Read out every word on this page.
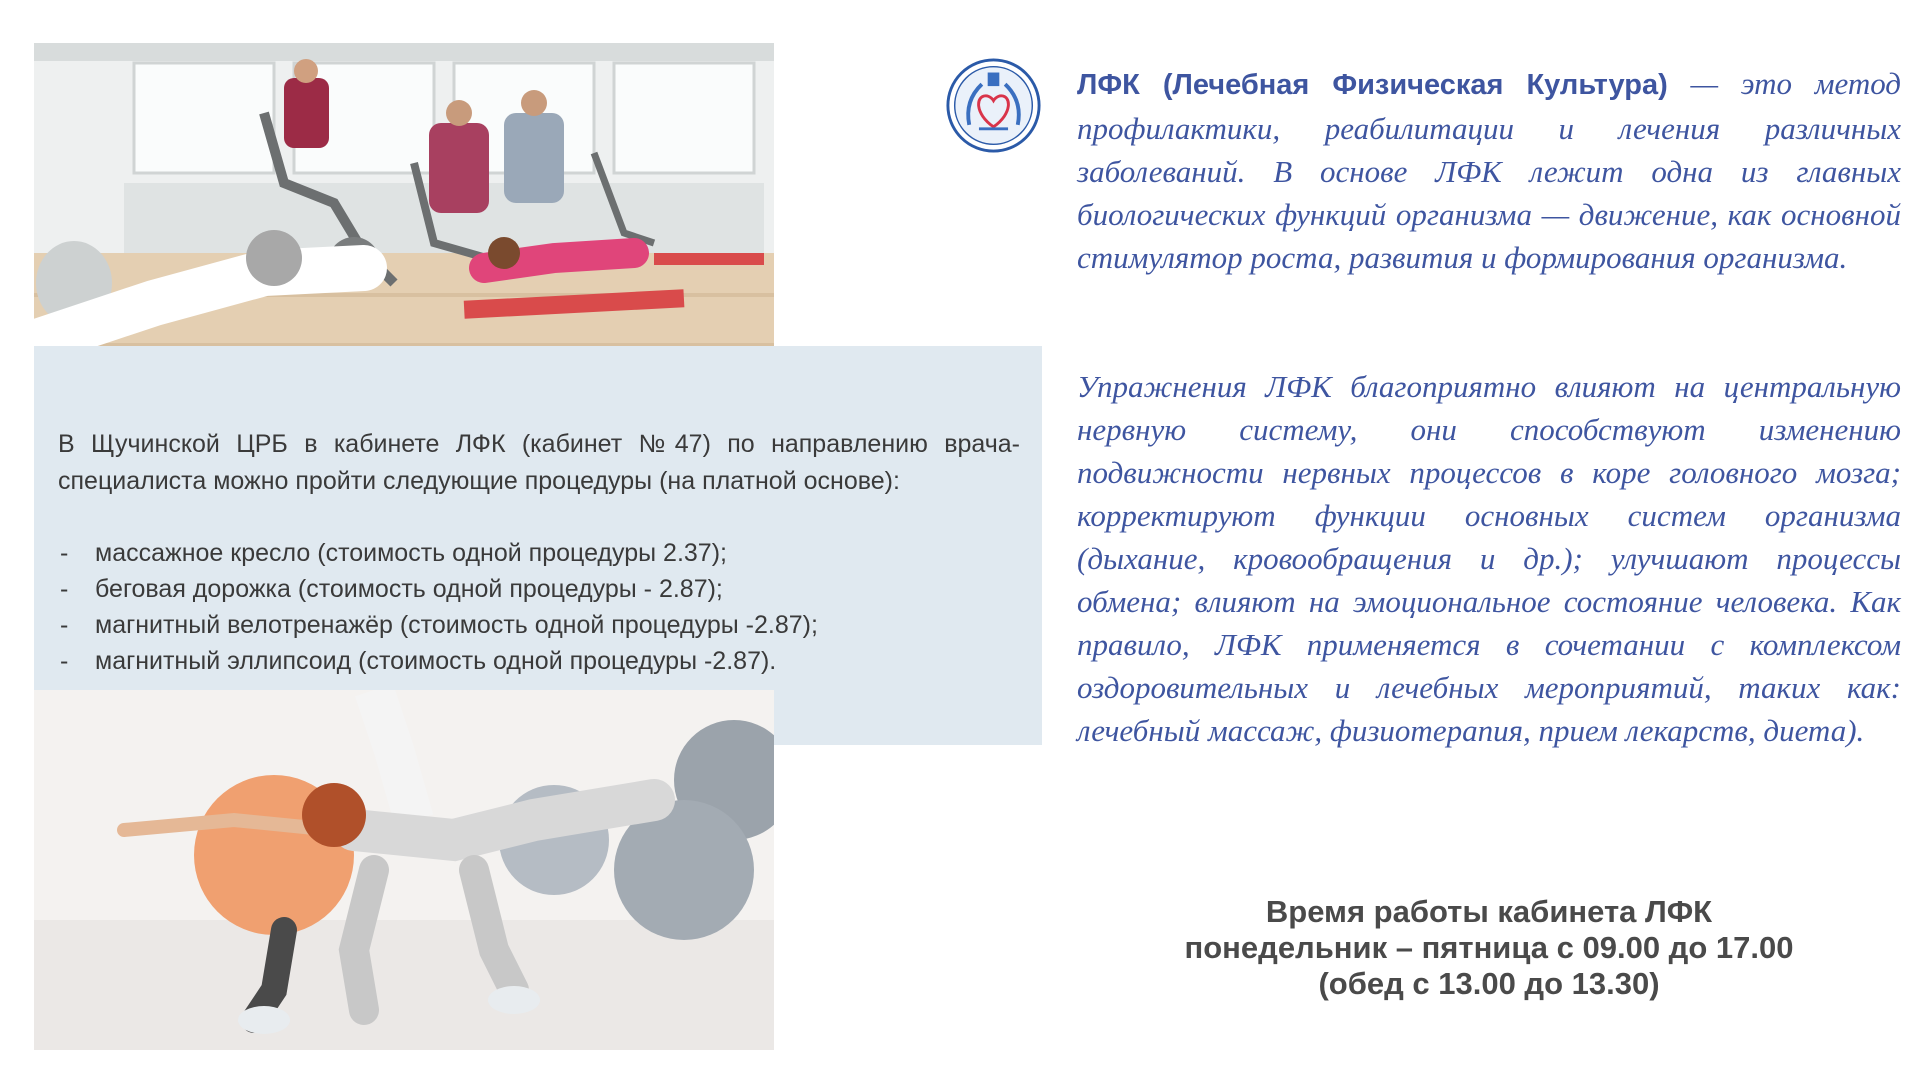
В Щучинской ЦРБ в кабинете ЛФК (кабинет №47) по направлению врача-специалиста можно пройти следующие процедуры (на платной основе):

- массажное кресло (стоимость одной процедуры 2.37);
- беговая дорожка (стоимость одной процедуры - 2.87);
- магнитный велотренажёр (стоимость одной процедуры -2.87);
- магнитный эллипсоид (стоимость одной процедуры -2.87).

ЛФК (Лечебная Физическая Культура) — это метод профилактики, реабилитации и лечения различных заболеваний. В основе ЛФК лежит одна из главных биологических функций организма — движение, как основной стимулятор роста, развития и формирования организма.

Упражнения ЛФК благоприятно влияют на центральную нервную систему, они способствуют изменению подвижности нервных процессов в коре головного мозга; корректируют функции основных систем организма (дыхание, кровообращения и др.); улучшают процессы обмена; влияют на эмоциональное состояние человека. Как правило, ЛФК применяется в сочетании с комплексом оздоровительных и лечебных мероприятий, таких как: лечебный массаж, физиотерапия, прием лекарств, диета).

Время работы кабинета ЛФК
понедельник – пятница с 09.00 до 17.00
(обед с 13.00 до 13.30)
